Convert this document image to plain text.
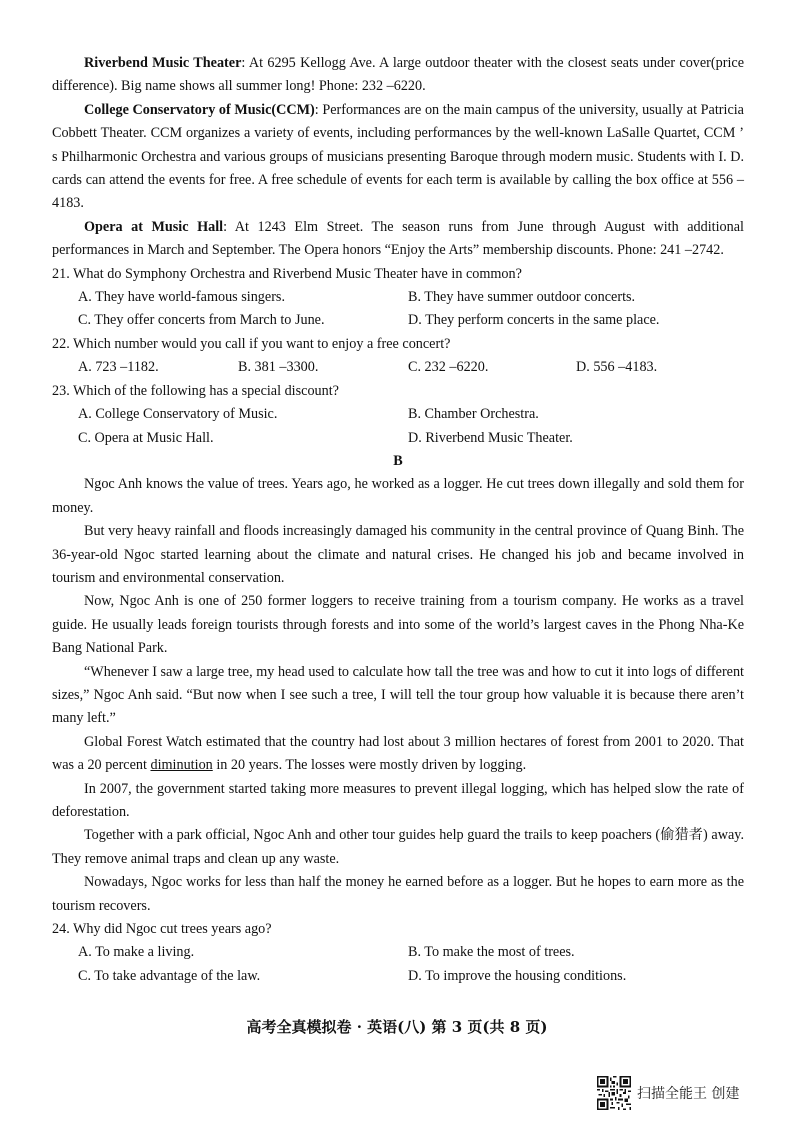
Riverbend Music Theater: At 6295 Kellogg Ave. A large outdoor theater with the closest seats under cover(price difference). Big name shows all summer long! Phone: 232 –6220.

College Conservatory of Music(CCM): Performances are on the main campus of the university, usually at Patricia Cobbett Theater. CCM organizes a variety of events, including performances by the well-known LaSalle Quartet, CCM ’ s Philharmonic Orchestra and various groups of musicians presenting Baroque through modern music. Students with I. D. cards can attend the events for free. A free schedule of events for each term is available by calling the box office at 556 –4183.

Opera at Music Hall: At 1243 Elm Street. The season runs from June through August with additional performances in March and September. The Opera honors “Enjoy the Arts” membership discounts. Phone: 241 –2742.

21. What do Symphony Orchestra and Riverbend Music Theater have in common?

A. They have world-famous singers.	B. They have summer outdoor concerts.
C. They offer concerts from March to June.	D. They perform concerts in the same place.

22. Which number would you call if you want to enjoy a free concert?

A. 723 –1182.	B. 381 –3300.	C. 232 –6220.	D. 556 –4183.

23. Which of the following has a special discount?

A. College Conservatory of Music.	B. Chamber Orchestra.
C. Opera at Music Hall.	D. Riverbend Music Theater.

B

Ngoc Anh knows the value of trees. Years ago, he worked as a logger. He cut trees down illegally and sold them for money.

But very heavy rainfall and floods increasingly damaged his community in the central province of Quang Binh. The 36-year-old Ngoc started learning about the climate and natural crises. He changed his job and became involved in tourism and environmental conservation.

Now, Ngoc Anh is one of 250 former loggers to receive training from a tourism company. He works as a travel guide. He usually leads foreign tourists through forests and into some of the world’s largest caves in the Phong Nha-Ke Bang National Park.

“Whenever I saw a large tree, my head used to calculate how tall the tree was and how to cut it into logs of different sizes,” Ngoc Anh said. “But now when I see such a tree, I will tell the tour group how valuable it is because there aren’t many left.”

Global Forest Watch estimated that the country had lost about 3 million hectares of forest from 2001 to 2020. That was a 20 percent diminution in 20 years. The losses were mostly driven by logging.

In 2007, the government started taking more measures to prevent illegal logging, which has helped slow the rate of deforestation.

Together with a park official, Ngoc Anh and other tour guides help guard the trails to keep poachers (偷猎者) away. They remove animal traps and clean up any waste.

Nowadays, Ngoc works for less than half the money he earned before as a logger. But he hopes to earn more as the tourism recovers.

24. Why did Ngoc cut trees years ago?

A. To make a living.	B. To make the most of trees.
C. To take advantage of the law.	D. To improve the housing conditions.
高考全真模拟卷 · 英语(八) 第 3 页(共 8 页)
扫描全能王 创建
